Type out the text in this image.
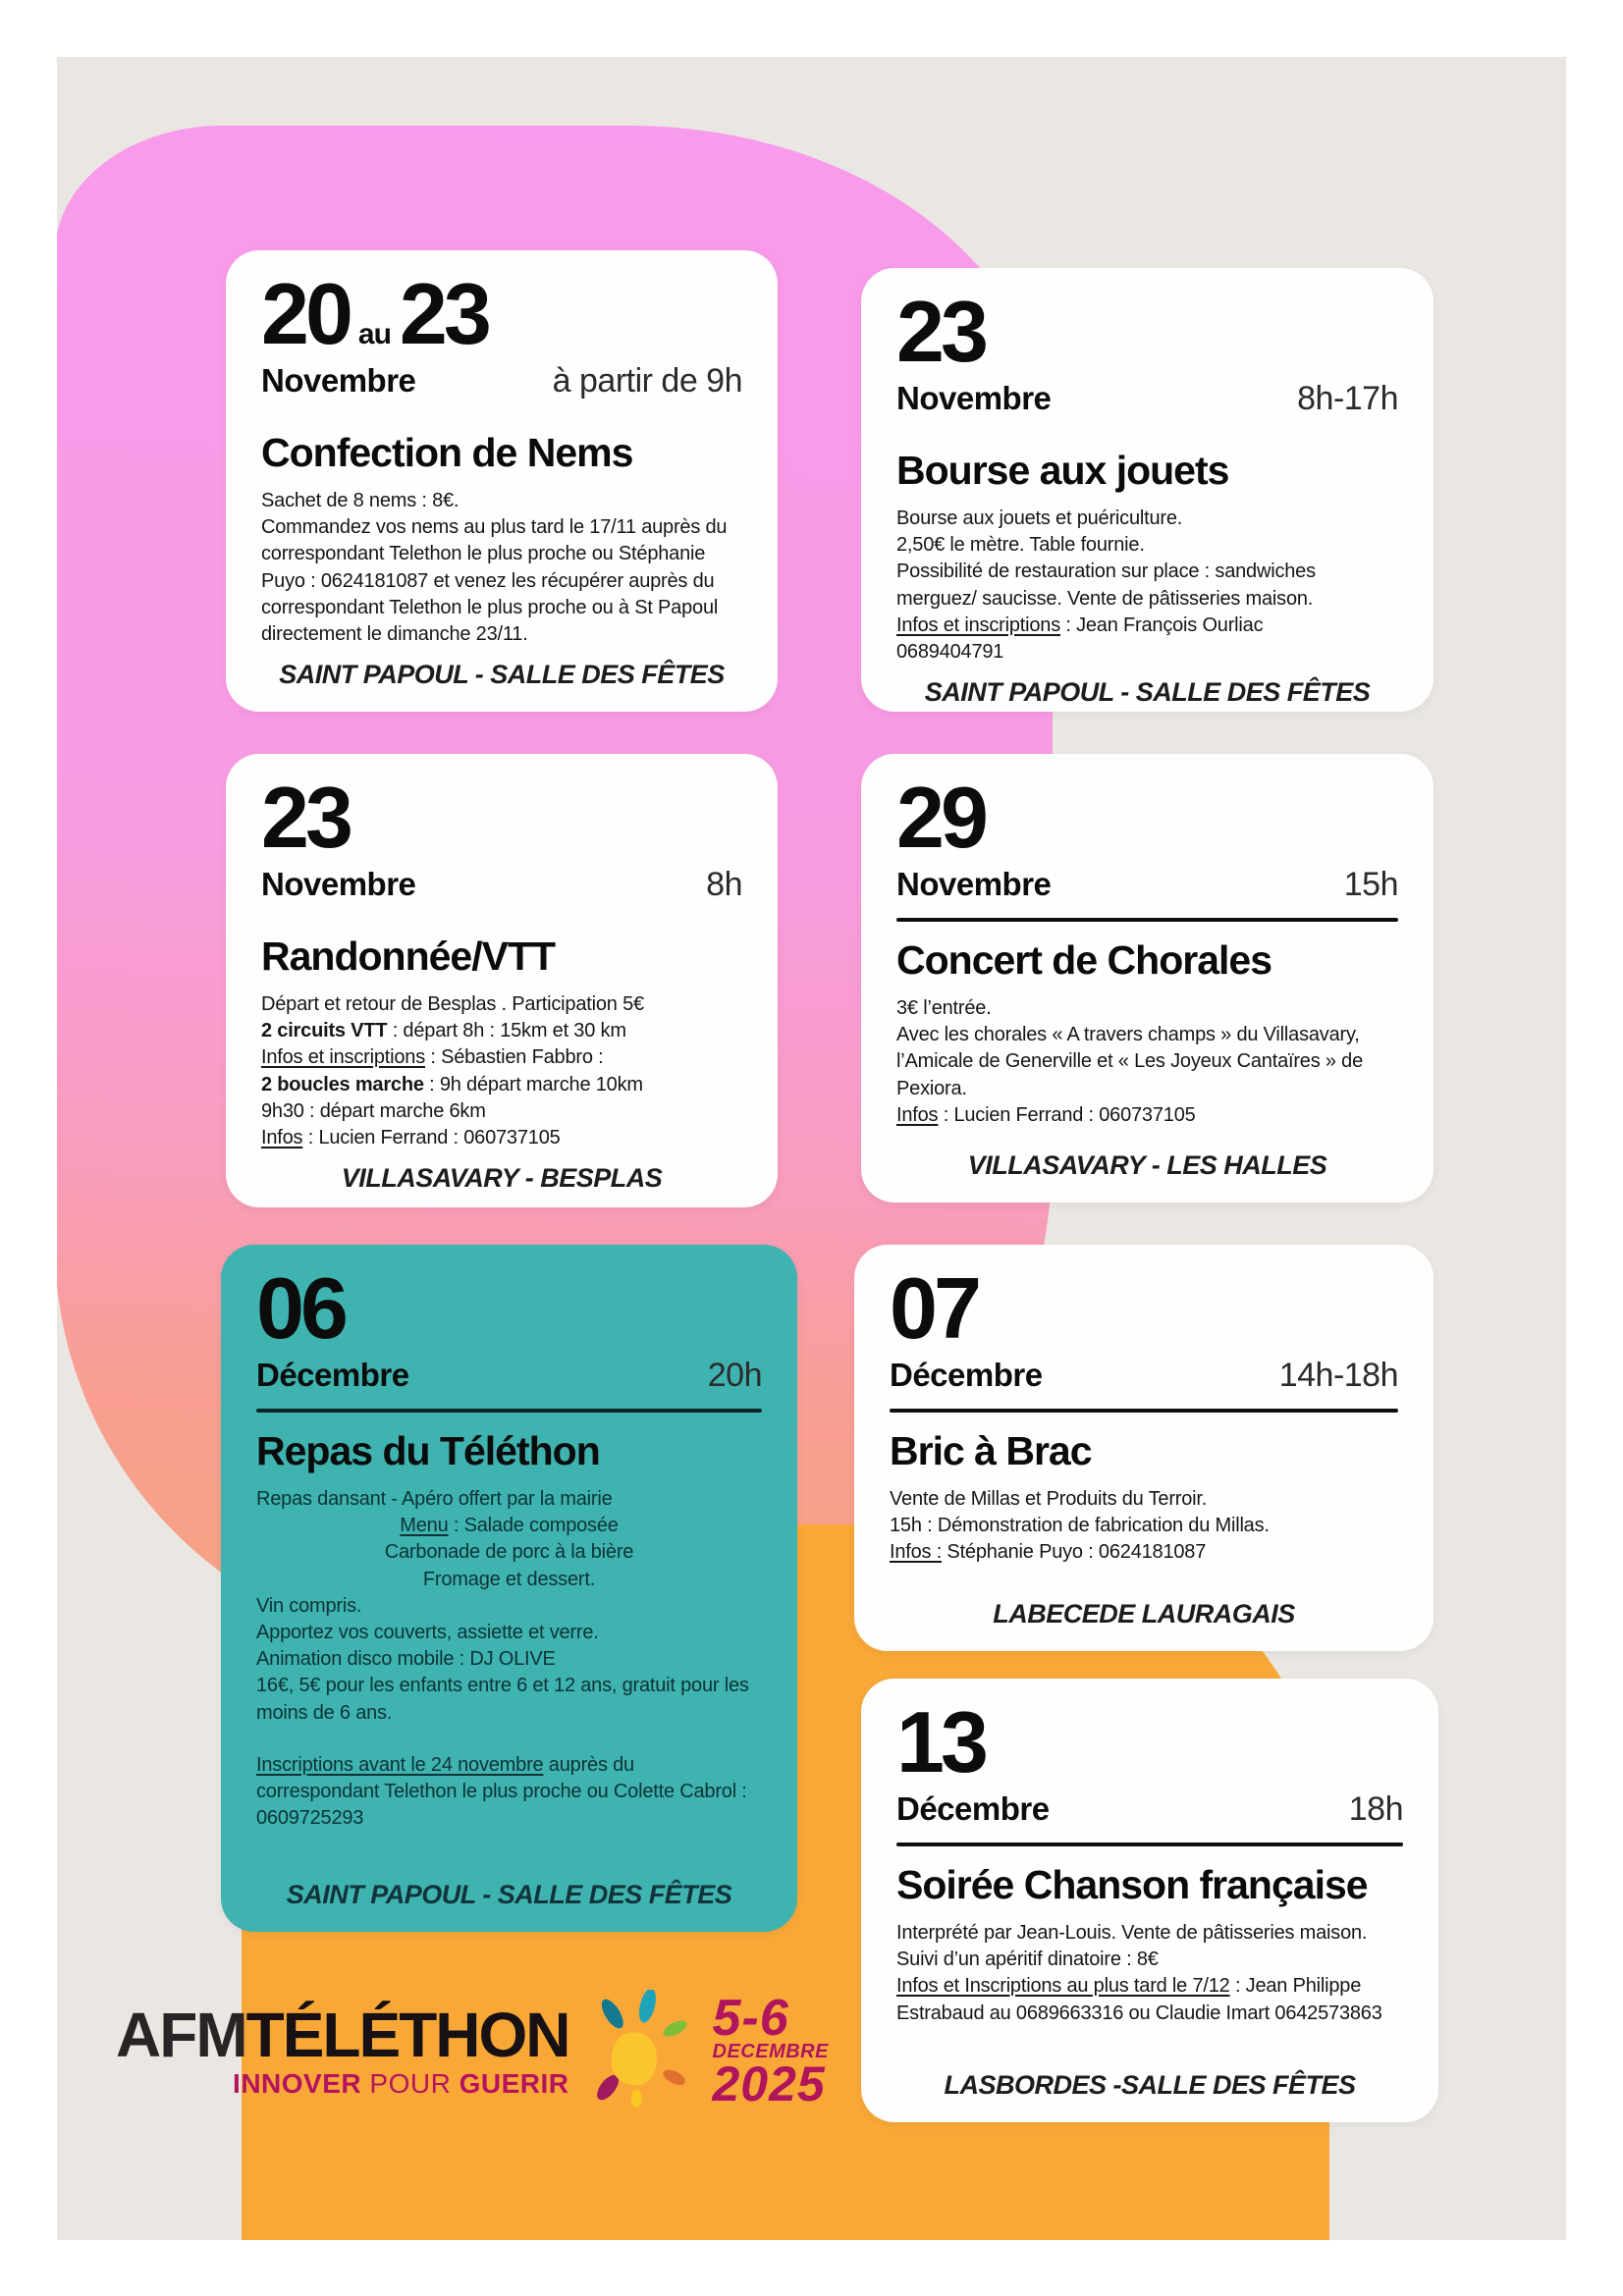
20 au 23
Novembre	à partir de 9h
Confection de Nems
Sachet de 8 nems : 8€.
Commandez vos nems au plus tard le 17/11 auprès du correspondant Telethon le plus proche ou Stéphanie Puyo : 0624181087 et venez les récupérer auprès du correspondant Telethon le plus proche ou à St Papoul directement le dimanche 23/11.
SAINT PAPOUL - SALLE DES FÊTES
23
Novembre	8h-17h
Bourse aux jouets
Bourse aux jouets et puériculture.
2,50€ le mètre. Table fournie.
Possibilité de restauration sur place : sandwiches merguez/ saucisse. Vente de pâtisseries maison.
Infos et inscriptions : Jean François Ourliac
0689404791
SAINT PAPOUL - SALLE DES FÊTES
23
Novembre	8h
Randonnée/VTT
Départ et retour de Besplas . Participation 5€
2 circuits VTT : départ 8h : 15km et 30 km
Infos et inscriptions : Sébastien Fabbro :
2 boucles marche : 9h départ marche 10km
9h30 : départ marche 6km
Infos : Lucien Ferrand : 060737105
VILLASAVARY - BESPLAS
29
Novembre	15h
Concert de Chorales
3€ l’entrée.
Avec les chorales « A travers champs » du Villasavary, l’Amicale de Generville et « Les Joyeux Cantaïres » de Pexiora.
Infos : Lucien Ferrand : 060737105
VILLASAVARY - LES HALLES
06
Décembre	20h
Repas du Téléthon
Repas dansant - Apéro offert par la mairie
Menu : Salade composée
Carbonade de porc à la bière
Fromage et dessert.
Vin compris.
Apportez vos couverts, assiette et verre.
Animation disco mobile : DJ OLIVE
16€, 5€ pour les enfants entre 6 et 12 ans, gratuit pour les moins de 6 ans.
Inscriptions avant le 24 novembre auprès du correspondant Telethon le plus proche ou Colette Cabrol : 0609725293
SAINT PAPOUL - SALLE DES FÊTES
07
Décembre	14h-18h
Bric à Brac
Vente de Millas et Produits du Terroir.
15h : Démonstration de fabrication du Millas.
Infos : Stéphanie Puyo : 0624181087
LABECEDE LAURAGAIS
13
Décembre	18h
Soirée Chanson française
Interprété par Jean-Louis. Vente de pâtisseries maison.
Suivi d’un apéritif dinatoire : 8€
Infos et Inscriptions au plus tard le 7/12 : Jean Philippe Estrabaud au 0689663316 ou Claudie Imart 0642573863
LASBORDES -SALLE DES FÊTES
AFMTÉLÉTHON
INNOVER POUR GUERIR
5-6
DECEMBRE
2025
